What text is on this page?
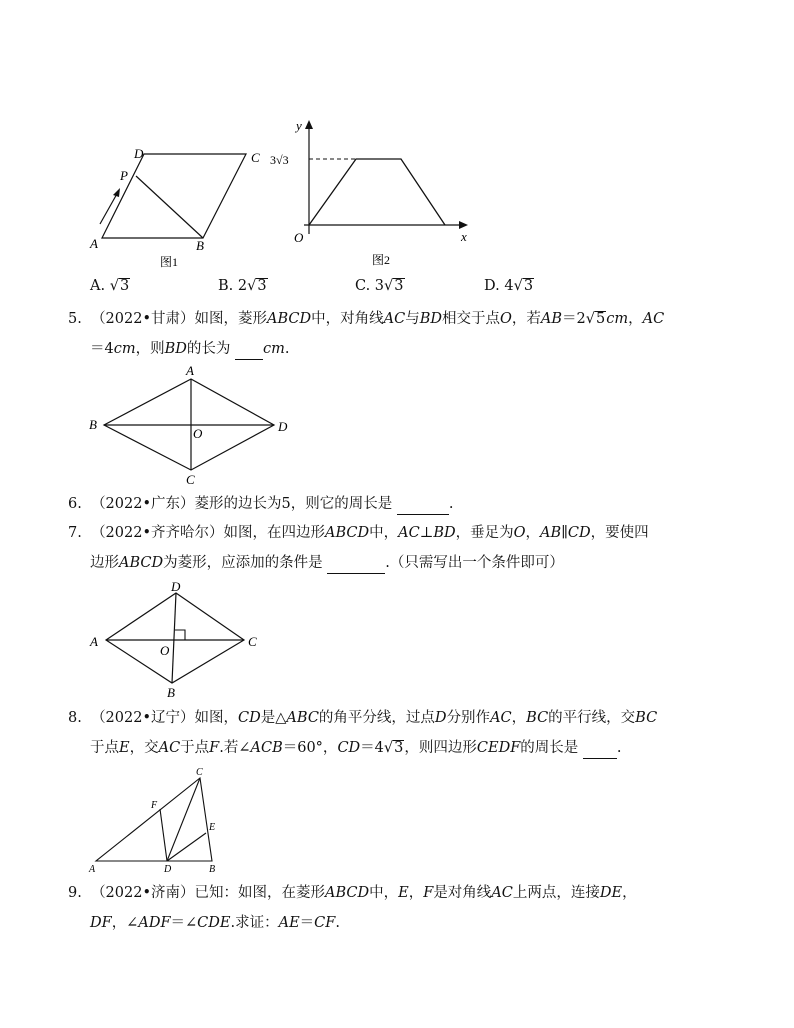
D	C
P
A	B
图1
y
x
O
3√3
图2
A. √3	B. 2√3	C. 3√3	D. 4√3
5. （2022•甘肃）如图，菱形ABCD中，对角线AC与BD相交于点O，若AB＝2√5cm，AC
＝4cm，则BD的长为 cm.
A
B	D
O
C
6. （2022•广东）菱形的边长为5，则它的周长是	.
7. （2022•齐齐哈尔）如图，在四边形ABCD中，AC⊥BD，垂足为O，AB∥CD，要使四
边形ABCD为菱形，应添加的条件是	.（只需写出一个条件即可）
D
A	C
O
B
8. （2022•辽宁）如图，CD是△ABC的角平分线，过点D分别作AC，BC的平行线，交BC
于点E，交AC于点F.若∠ACB＝60°，CD＝4√3，则四边形CEDF的周长是	.
C
F
E
A	D	B
9. （2022•济南）已知：如图，在菱形ABCD中，E，F是对角线AC上两点，连接DE，
DF，∠ADF＝∠CDE.求证：AE＝CF.
